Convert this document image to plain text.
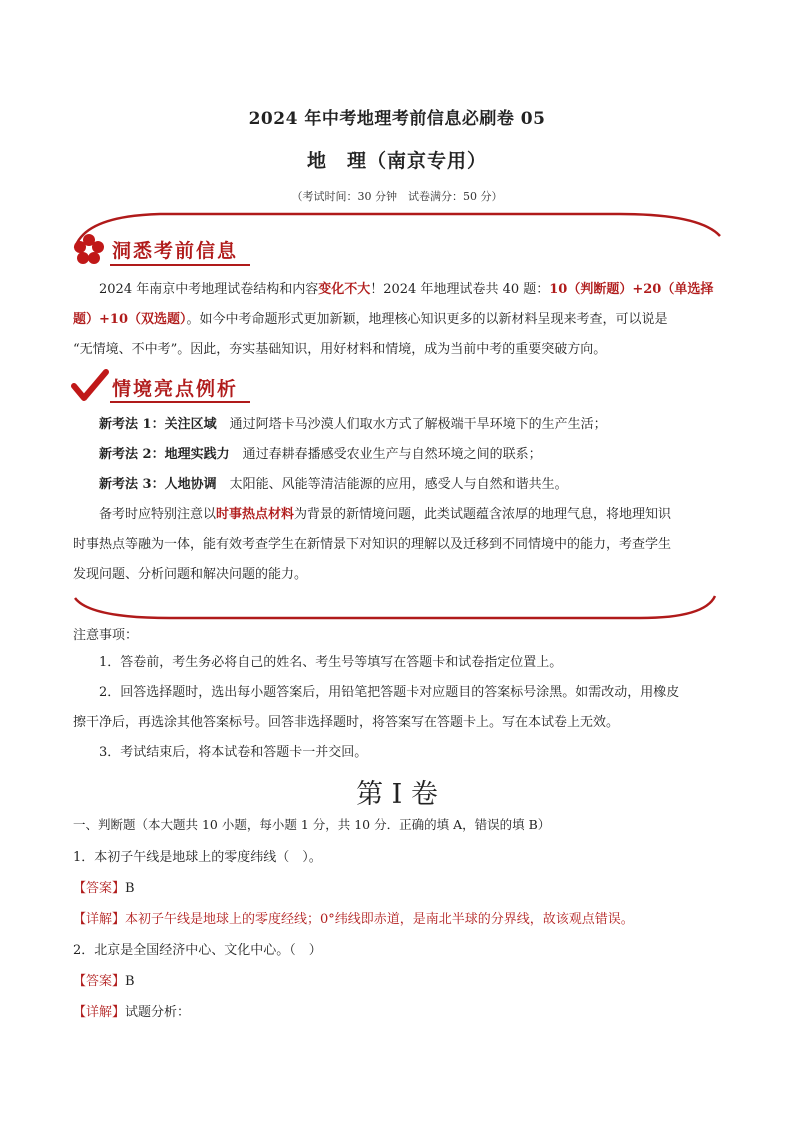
2024 年中考地理考前信息必刷卷 05
地　理（南京专用）
（考试时间：30 分钟　试卷满分：50 分）
洞悉考前信息
2024 年南京中考地理试卷结构和内容变化不大！2024 年地理试卷共 40 题：10（判断题）+20（单选择
题）+10（双选题）。如今中考命题形式更加新颖，地理核心知识更多的以新材料呈现来考查，可以说是
“无情境、不中考”。因此，夯实基础知识，用好材料和情境，成为当前中考的重要突破方向。
情境亮点例析
新考法 1：关注区域　 通过阿塔卡马沙漠人们取水方式了解极端干旱环境下的生产生活；
新考法 2：地理实践力　 通过春耕春播感受农业生产与自然环境之间的联系；
新考法 3：人地协调　 太阳能、风能等清洁能源的应用，感受人与自然和谐共生。
备考时应特别注意以时事热点材料为背景的新情境问题，此类试题蕴含浓厚的地理气息，将地理知识
时事热点等融为一体，能有效考查学生在新情景下对知识的理解以及迁移到不同情境中的能力，考查学生
发现问题、分析问题和解决问题的能力。
注意事项：
1．答卷前，考生务必将自己的姓名、考生号等填写在答题卡和试卷指定位置上。
2．回答选择题时，选出每小题答案后，用铅笔把答题卡对应题目的答案标号涂黑。如需改动，用橡皮
擦干净后，再选涂其他答案标号。回答非选择题时，将答案写在答题卡上。写在本试卷上无效。
3．考试结束后，将本试卷和答题卡一并交回。
第 I 卷
一、判断题（本大题共 10 小题，每小题 1 分，共 10 分．正确的填 A，错误的填 B）
1．本初子午线是地球上的零度纬线（　）。
【答案】B
【详解】本初子午线是地球上的零度经线；0°纬线即赤道，是南北半球的分界线，故该观点错误。
2．北京是全国经济中心、文化中心。（　）
【答案】B
【详解】试题分析：
